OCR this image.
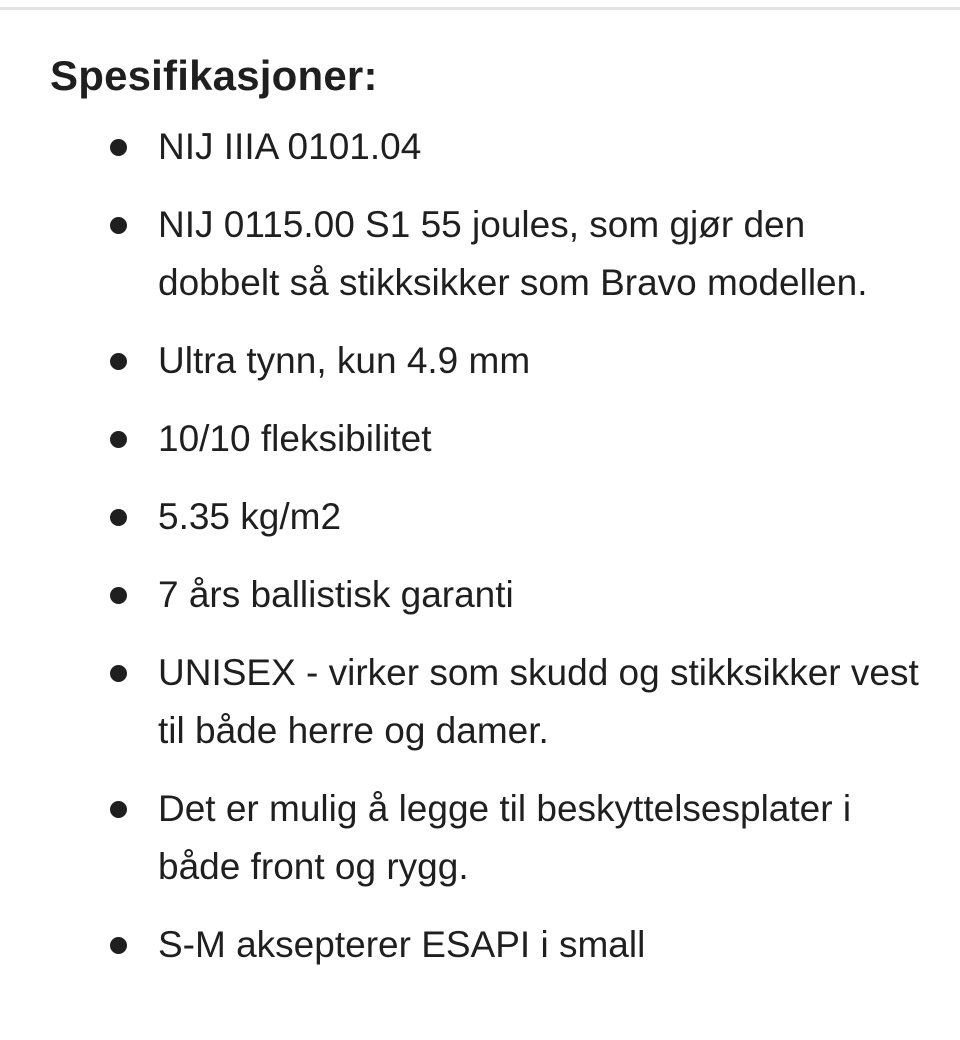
Spesifikasjoner:
NIJ IIIA 0101.04
NIJ 0115.00 S1 55 joules, som gjør den dobbelt så stikksikker som Bravo modellen.
Ultra tynn, kun 4.9 mm
10/10 fleksibilitet
5.35 kg/m2
7 års ballistisk garanti
UNISEX - virker som skudd og stikksikker vest til både herre og damer.
Det er mulig å legge til beskyttelsesplater i både front og rygg.
S-M aksepterer ESAPI i small
